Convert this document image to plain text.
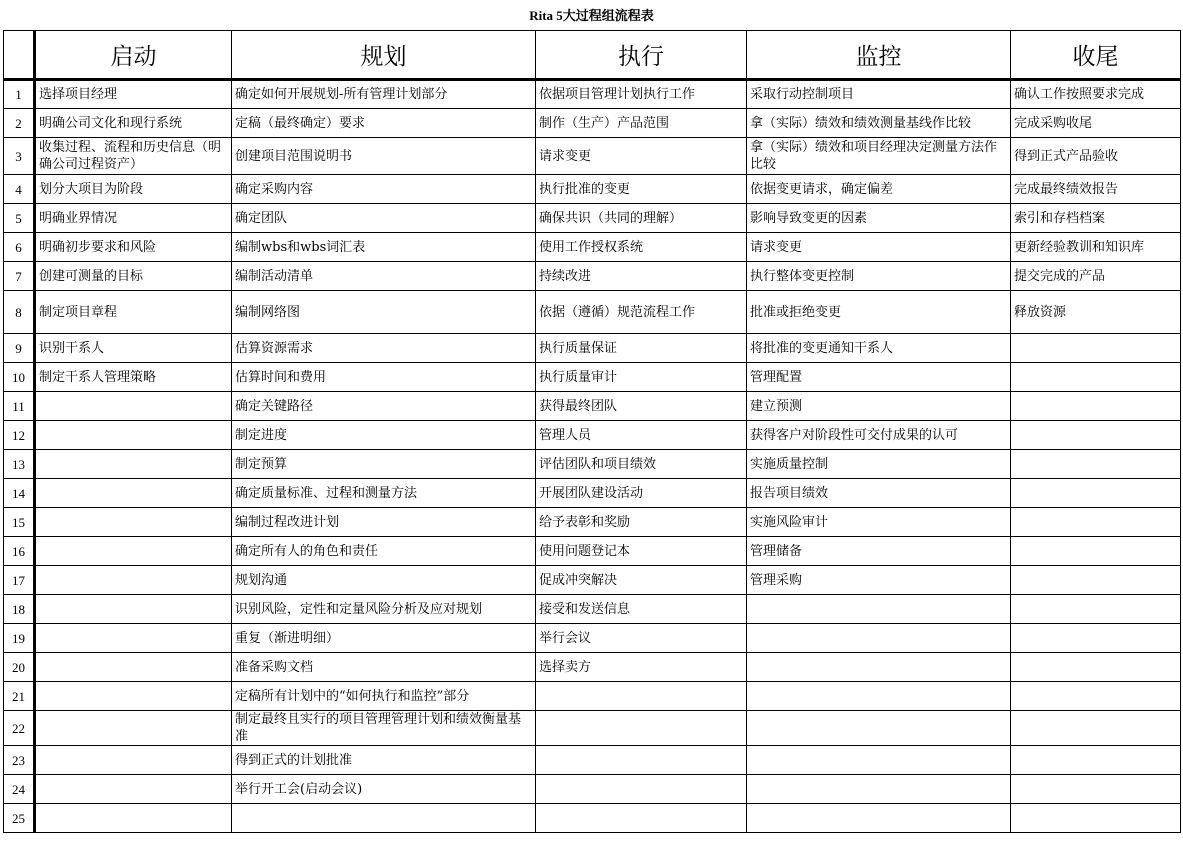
Rita 5大过程组流程表
	启动	规划	执行	监控	收尾
1	选择项目经理	确定如何开展规划-所有管理计划部分	依据项目管理计划执行工作	采取行动控制项目	确认工作按照要求完成
2	明确公司文化和现行系统	定稿（最终确定）要求	制作（生产）产品范围	拿（实际）绩效和绩效测量基线作比较	完成采购收尾
3	收集过程、流程和历史信息（明确公司过程资产）	创建项目范围说明书	请求变更	拿（实际）绩效和项目经理决定测量方法作比较	得到正式产品验收
4	划分大项目为阶段	确定采购内容	执行批准的变更	依据变更请求，确定偏差	完成最终绩效报告
5	明确业界情况	确定团队	确保共识（共同的理解）	影响导致变更的因素	索引和存档档案
6	明确初步要求和风险	编制wbs和wbs词汇表	使用工作授权系统	请求变更	更新经验教训和知识库
7	创建可测量的目标	编制活动清单	持续改进	执行整体变更控制	提交完成的产品
8	制定项目章程	编制网络图	依据（遵循）规范流程工作	批准或拒绝变更	释放资源
9	识别干系人	估算资源需求	执行质量保证	将批准的变更通知干系人	
10	制定干系人管理策略	估算时间和费用	执行质量审计	管理配置	
11		确定关键路径	获得最终团队	建立预测	
12		制定进度	管理人员	获得客户对阶段性可交付成果的认可	
13		制定预算	评估团队和项目绩效	实施质量控制	
14		确定质量标准、过程和测量方法	开展团队建设活动	报告项目绩效	
15		编制过程改进计划	给予表彰和奖励	实施风险审计	
16		确定所有人的角色和责任	使用问题登记本	管理储备	
17		规划沟通	促成冲突解决	管理采购	
18		识别风险，定性和定量风险分析及应对规划	接受和发送信息		
19		重复（渐进明细）	举行会议		
20		准备采购文档	选择卖方		
21		定稿所有计划中的“如何执行和监控”部分			
22		制定最终且实行的项目管理管理计划和绩效衡量基准			
23		得到正式的计划批准			
24		举行开工会(启动会议)			
25					
